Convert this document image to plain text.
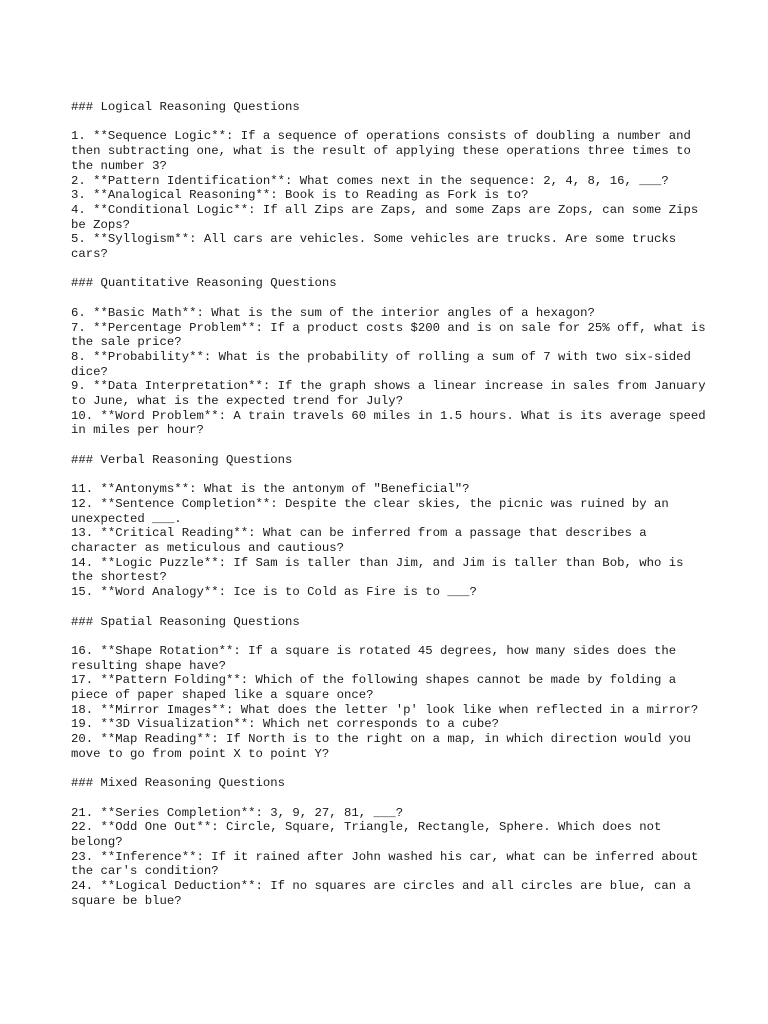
### Logical Reasoning Questions
1. **Sequence Logic**: If a sequence of operations consists of doubling a number and then subtracting one, what is the result of applying these operations three times to the number 3?
2. **Pattern Identification**: What comes next in the sequence: 2, 4, 8, 16, ___?
3. **Analogical Reasoning**: Book is to Reading as Fork is to?
4. **Conditional Logic**: If all Zips are Zaps, and some Zaps are Zops, can some Zips be Zops?
5. **Syllogism**: All cars are vehicles. Some vehicles are trucks. Are some trucks cars?
### Quantitative Reasoning Questions
6. **Basic Math**: What is the sum of the interior angles of a hexagon?
7. **Percentage Problem**: If a product costs $200 and is on sale for 25% off, what is the sale price?
8. **Probability**: What is the probability of rolling a sum of 7 with two six-sided dice?
9. **Data Interpretation**: If the graph shows a linear increase in sales from January to June, what is the expected trend for July?
10. **Word Problem**: A train travels 60 miles in 1.5 hours. What is its average speed in miles per hour?
### Verbal Reasoning Questions
11. **Antonyms**: What is the antonym of "Beneficial"?
12. **Sentence Completion**: Despite the clear skies, the picnic was ruined by an unexpected ___.
13. **Critical Reading**: What can be inferred from a passage that describes a character as meticulous and cautious?
14. **Logic Puzzle**: If Sam is taller than Jim, and Jim is taller than Bob, who is the shortest?
15. **Word Analogy**: Ice is to Cold as Fire is to ___?
### Spatial Reasoning Questions
16. **Shape Rotation**: If a square is rotated 45 degrees, how many sides does the resulting shape have?
17. **Pattern Folding**: Which of the following shapes cannot be made by folding a piece of paper shaped like a square once?
18. **Mirror Images**: What does the letter 'p' look like when reflected in a mirror?
19. **3D Visualization**: Which net corresponds to a cube?
20. **Map Reading**: If North is to the right on a map, in which direction would you move to go from point X to point Y?
### Mixed Reasoning Questions
21. **Series Completion**: 3, 9, 27, 81, ___?
22. **Odd One Out**: Circle, Square, Triangle, Rectangle, Sphere. Which does not belong?
23. **Inference**: If it rained after John washed his car, what can be inferred about the car's condition?
24. **Logical Deduction**: If no squares are circles and all circles are blue, can a square be blue?
